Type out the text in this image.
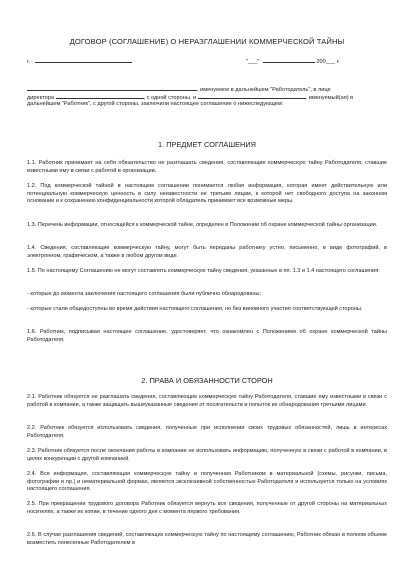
ДОГОВОР (СОГЛАШЕНИЕ) О НЕРАЗГЛАШЕНИИ КОММЕРЧЕСКОЙ ТАЙНЫ
г.	"___"	200___ г.
, именуемое в дальнейшем "Работодатель", в лице
директора	, с одной стороны, и	, именуемый(ая) в
дальнейшем "Работник", с другой стороны, заключили настоящее соглашение о нижеследующем:
1. ПРЕДМЕТ СОГЛАШЕНИЯ
1.1. Работник принимает на себя обязательство не разглашать сведения, составляющие коммерческую тайну Работодателя, ставшие известными ему в связи с работой в организации.
1.2. Под коммерческой тайной в настоящем соглашении понимается любая информация, которая имеет действительную или потенциальную коммерческую ценность в силу неизвестности ее третьим лицам, к которой нет свободного доступа на законном основании и к сохранению конфиденциальности которой обладатель принимает все возможные меры.
1.3. Перечень информации, относящейся к коммерческой тайне, определен в Положении об охране коммерческой тайны организации.
1.4. Сведения, составляющие коммерческую тайну, могут быть переданы работнику устно, письменно, в виде фотографий, в электронном, графическом, а также в любом другом виде.
1.5. По настоящему Соглашению не могут составлять коммерческую тайну сведения, указанные в пп. 1.3 и 1.4 настоящего соглашения:
- которые до момента заключения настоящего соглашения были публично обнародованы;
- которые стали общедоступны во время действия настоящего соглашения, но без виновного участия соответствующей стороны.
1.6. Работник, подписывая настоящее соглашение, удостоверяет, что ознакомлен с Положением об охране коммерческой тайны Работодателя.
2. ПРАВА И ОБЯЗАННОСТИ СТОРОН
2.1. Работник обязуется не разглашать сведения, составляющие коммерческую тайну Работодателя, ставшие ему известными в связи с работой в компании, а также защищать вышеуказанные сведения от посягательств и попыток их обнародования третьими лицами.
2.2. Работник обязуется использовать сведения, полученные при исполнении своих трудовых обязанностей, лишь в интересах Работодателя.
2.3. Работник обязуется после окончания работы в компании не использовать информацию, полученную в связи с работой в компании, в целях конкуренции с другой компанией.
2.4. Вся информация, составляющая коммерческую тайну и полученная Работником в материальной (схемы, рисунки, письма, фотографии и пр.) и нематериальной формах, является эксклюзивной собственностью Работодателя и используется только на условиях настоящего соглашения.
2.5. При прекращении трудового договора Работник обязуется вернуть все сведения, полученные от другой стороны на материальных носителях, а также их копии, в течение одного дня с момента первого требования.
2.6. В случае разглашения сведений, составляющих коммерческую тайну по настоящему соглашению, Работник обязан в полном объеме возместить понесенные Работодателем в
